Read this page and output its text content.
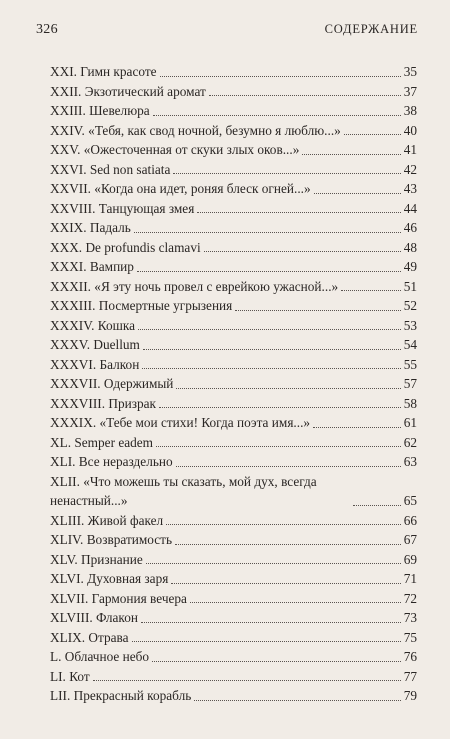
326	СОДЕРЖАНИЕ
XXI. Гимн красоте	35
XXII. Экзотический аромат	37
XXIII. Шевелюра	38
XXIV. «Тебя, как свод ночной, безумно я люблю...»	40
XXV. «Ожесточенная от скуки злых оков...»	41
XXVI. Sed non satiata	42
XXVII. «Когда она идет, роняя блеск огней...»	43
XXVIII. Танцующая змея	44
XXIX. Падаль	46
XXX. De profundis clamavi	48
XXXI. Вампир	49
XXXII. «Я эту ночь провел с еврейкою ужасной...»	51
XXXIII. Посмертные угрызения	52
XXXIV. Кошка	53
XXXV. Duellum	54
XXXVI. Балкон	55
XXXVII. Одержимый	57
XXXVIII. Призрак	58
XXXIX. «Тебе мои стихи! Когда поэта имя...»	61
XL. Semper eadem	62
XLI. Все нераздельно	63
XLII. «Что можешь ты сказать, мой дух, всегда ненастный...»	65
XLIII. Живой факел	66
XLIV. Возвратимость	67
XLV. Признание	69
XLVI. Духовная заря	71
XLVII. Гармония вечера	72
XLVIII. Флакон	73
XLIX. Отрава	75
L. Облачное небо	76
LI. Кот	77
LII. Прекрасный корабль	79
